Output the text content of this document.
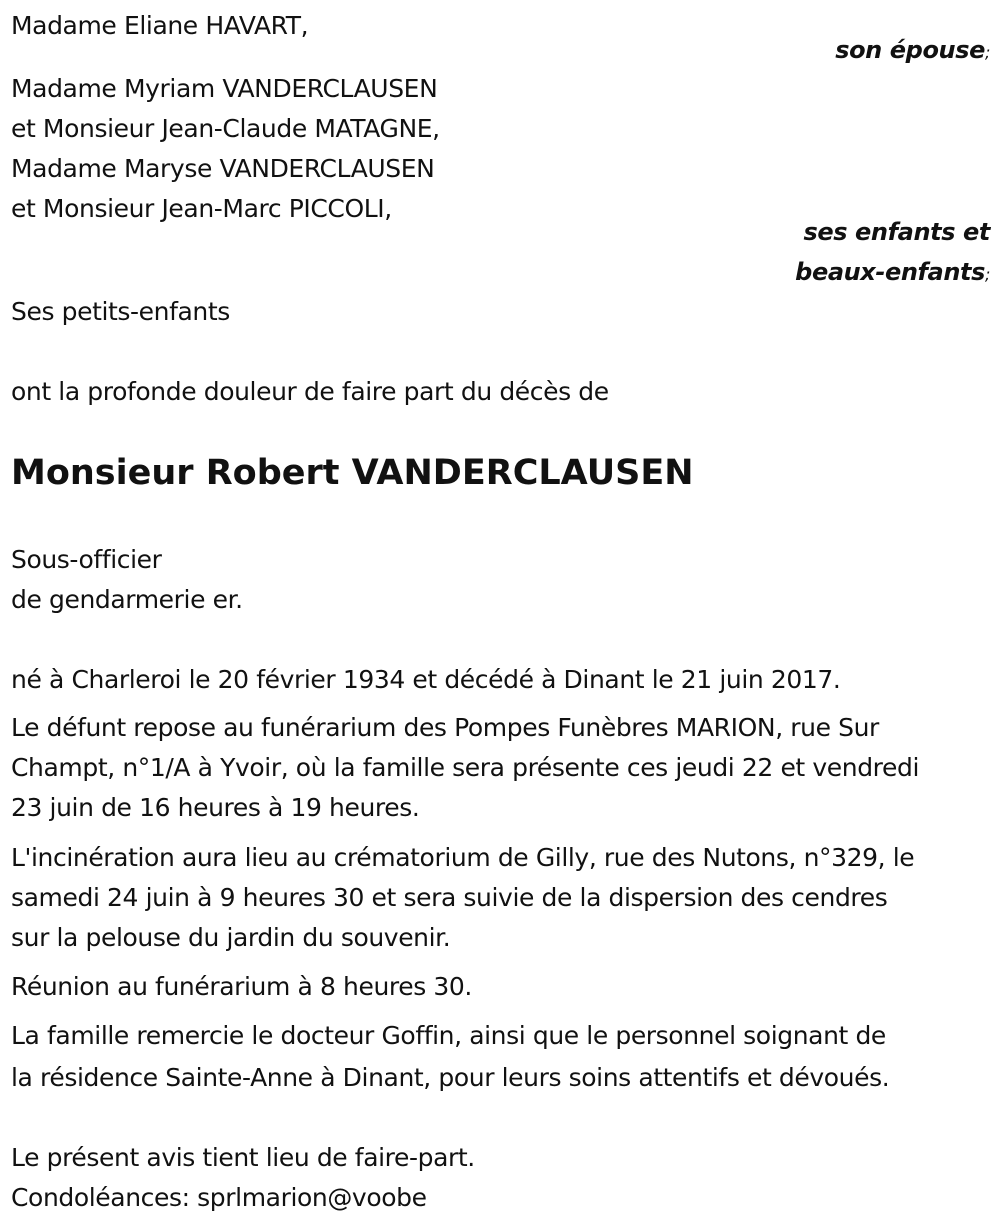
Madame Eliane HAVART,
son épouse;
Madame Myriam VANDERCLAUSEN
et Monsieur Jean-Claude MATAGNE,
Madame Maryse VANDERCLAUSEN
et Monsieur Jean-Marc PICCOLI,
ses enfants et
beaux-enfants;
Ses petits-enfants
ont la profonde douleur de faire part du décès de
Monsieur Robert VANDERCLAUSEN
Sous-officier
de gendarmerie er.
né à Charleroi le 20 février 1934 et décédé à Dinant le 21 juin 2017.
Le défunt repose au funérarium des Pompes Funèbres MARION, rue Sur
Champt, n°1/A à Yvoir, où la famille sera présente ces jeudi 22 et vendredi
23 juin de 16 heures à 19 heures.
L'incinération aura lieu au crématorium de Gilly, rue des Nutons, n°329, le
samedi 24 juin à 9 heures 30 et sera suivie de la dispersion des cendres
sur la pelouse du jardin du souvenir.
Réunion au funérarium à 8 heures 30.
La famille remercie le docteur Goffin, ainsi que le personnel soignant de
la résidence Sainte-Anne à Dinant, pour leurs soins attentifs et dévoués.
Le présent avis tient lieu de faire-part.
Condoléances: sprlmarion@voobe
